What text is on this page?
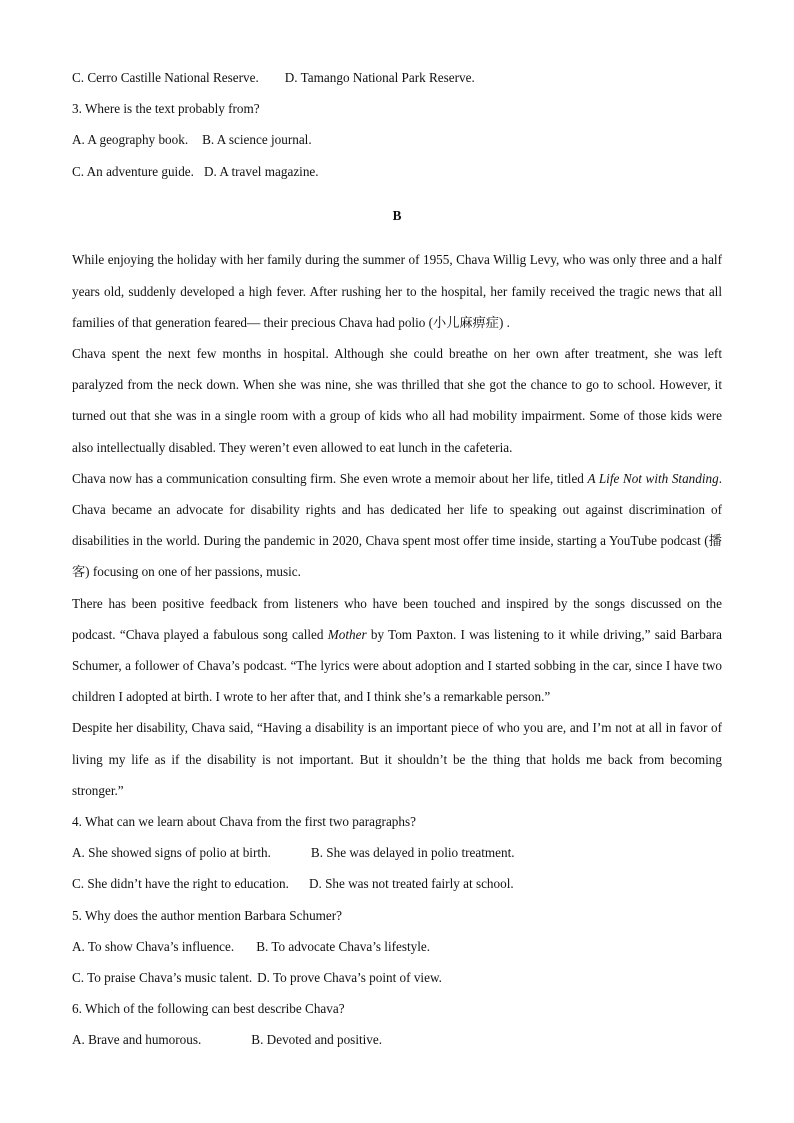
C. Cerro Castille National Reserve. D. Tamango National Park Reserve.

3. Where is the text probably from?

A. A geography book. B. A science journal.

C. An adventure guide. D. A travel magazine.

B

While enjoying the holiday with her family during the summer of 1955, Chava Willig Levy, who was only three and a half years old, suddenly developed a high fever. After rushing her to the hospital, her family received the tragic news that all families of that generation feared— their precious Chava had polio (小儿麻痹症) .

Chava spent the next few months in hospital. Although she could breathe on her own after treatment, she was left paralyzed from the neck down. When she was nine, she was thrilled that she got the chance to go to school. However, it turned out that she was in a single room with a group of kids who all had mobility impairment. Some of those kids were also intellectually disabled. They weren’t even allowed to eat lunch in the cafeteria.

Chava now has a communication consulting firm. She even wrote a memoir about her life, titled A Life Not with Standing. Chava became an advocate for disability rights and has dedicated her life to speaking out against discrimination of disabilities in the world. During the pandemic in 2020, Chava spent most offer time inside, starting a YouTube podcast (播客) focusing on one of her passions, music.

There has been positive feedback from listeners who have been touched and inspired by the songs discussed on the podcast. “Chava played a fabulous song called Mother by Tom Paxton. I was listening to it while driving,” said Barbara Schumer, a follower of Chava’s podcast. “The lyrics were about adoption and I started sobbing in the car, since I have two children I adopted at birth. I wrote to her after that, and I think she’s a remarkable person.”

Despite her disability, Chava said, “Having a disability is an important piece of who you are, and I’m not at all in favor of living my life as if the disability is not important. But it shouldn’t be the thing that holds me back from becoming stronger.”

4. What can we learn about Chava from the first two paragraphs?

A. She showed signs of polio at birth.	B. She was delayed in polio treatment.

C. She didn’t have the right to education. D. She was not treated fairly at school.

5. Why does the author mention Barbara Schumer?

A. To show Chava’s influence. B. To advocate Chava’s lifestyle.

C. To praise Chava’s music talent. D. To prove Chava’s point of view.

6. Which of the following can best describe Chava?

A. Brave and humorous.	B. Devoted and positive.
